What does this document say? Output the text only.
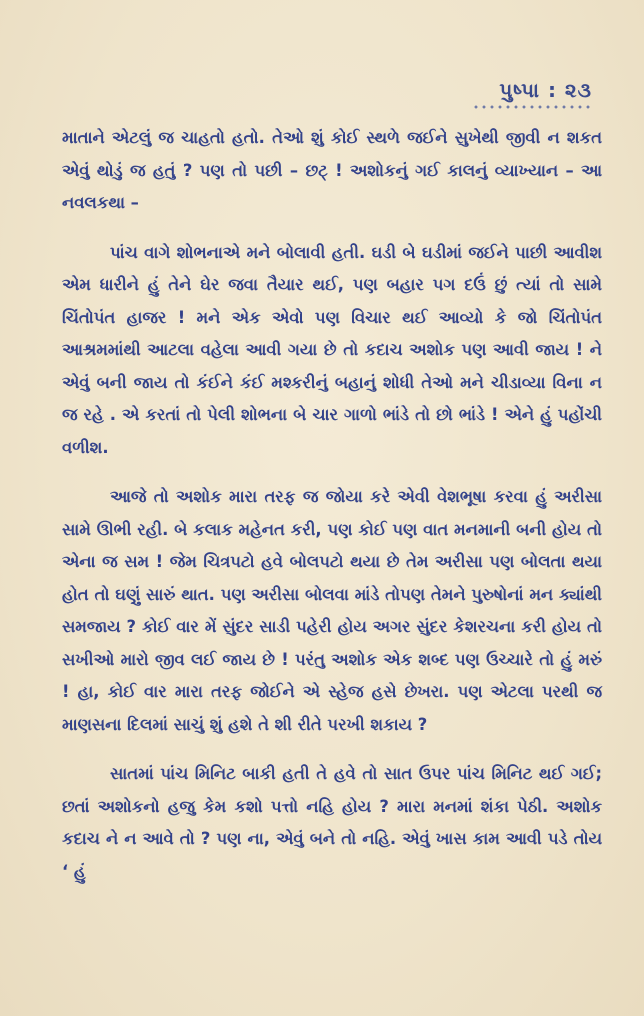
પુષ્પા : ૨૩

માતાને એટલું જ ચાહતો હતો. તેઓ શું કોઈ સ્થળે જઈને સુખેથી જીવી ન શકત એવું થોડું જ હતું ? પણ તો પછી – છટ્ ! અશોકનું ગઈ કાલનું વ્યાખ્યાન – આ નવલકથા –

પાંચ વાગે શોભનાએ મને બોલાવી હતી. ઘડી બે ઘડીમાં જઈને પાછી આવીશ એમ ધારીને હું તેને ઘેર જવા તૈયાર થઈ, પણ બહાર પગ દઉં છું ત્યાં તો સામે ચિંતોપંત હાજર ! મને એક એવો પણ વિચાર થઈ આવ્યો કે જો ચિંતોપંત આશ્રમમાંથી આટલા વહેલા આવી ગયા છે તો કદાચ અશોક પણ આવી જાય ! ને એવું બની જાય તો કંઈને કંઈ મશ્કરીનું બહાનું શોધી તેઓ મને ચીડાવ્યા વિના ન જ રહે . એ કરતાં તો પેલી શોભના બે ચાર ગાળો ભાંડે તો છો ભાંડે ! એને હું પહોંચી વળીશ.

આજે તો અશોક મારા તરફ જ જોયા કરે એવી વેશભૂષા કરવા હું અરીસા સામે ઊભી રહી. બે કલાક મહેનત કરી, પણ કોઈ પણ વાત મનમાની બની હોય તો એના જ સમ ! જેમ ચિત્રપટો હવે બોલપટો થયા છે તેમ અરીસા પણ બોલતા થયા હોત તો ઘણું સારું થાત. પણ અરીસા બોલવા માંડે તોપણ તેમને પુરુષોનાં મન ક્યાંથી સમજાય ? કોઈ વાર મેં સુંદર સાડી પહેરી હોય અગર સુંદર કેશરચના કરી હોય તો સખીઓ મારો જીવ લઈ જાય છે ! પરંતુ અશોક એક શબ્દ પણ ઉચ્ચારે તો હું મરું ! હા, કોઈ વાર મારા તરફ જોઈને એ સ્હેજ હસે છેખરા. પણ એટલા પરથી જ માણસના દિલમાં સાચું શું હશે તે શી રીતે પરખી શકાય ?

સાતમાં પાંચ મિનિટ બાકી હતી તે હવે તો સાત ઉપર પાંચ મિનિટ થઈ ગઈ; છતાં અશોકનો હજુ કેમ કશો પત્તો નહિ હોય ? મારા મનમાં શંકા પેઠી. અશોક કદાચ ને ન આવે તો ? પણ ના, એવું બને તો નહિ. એવું ખાસ કામ આવી પડે તોય ‘ હું
